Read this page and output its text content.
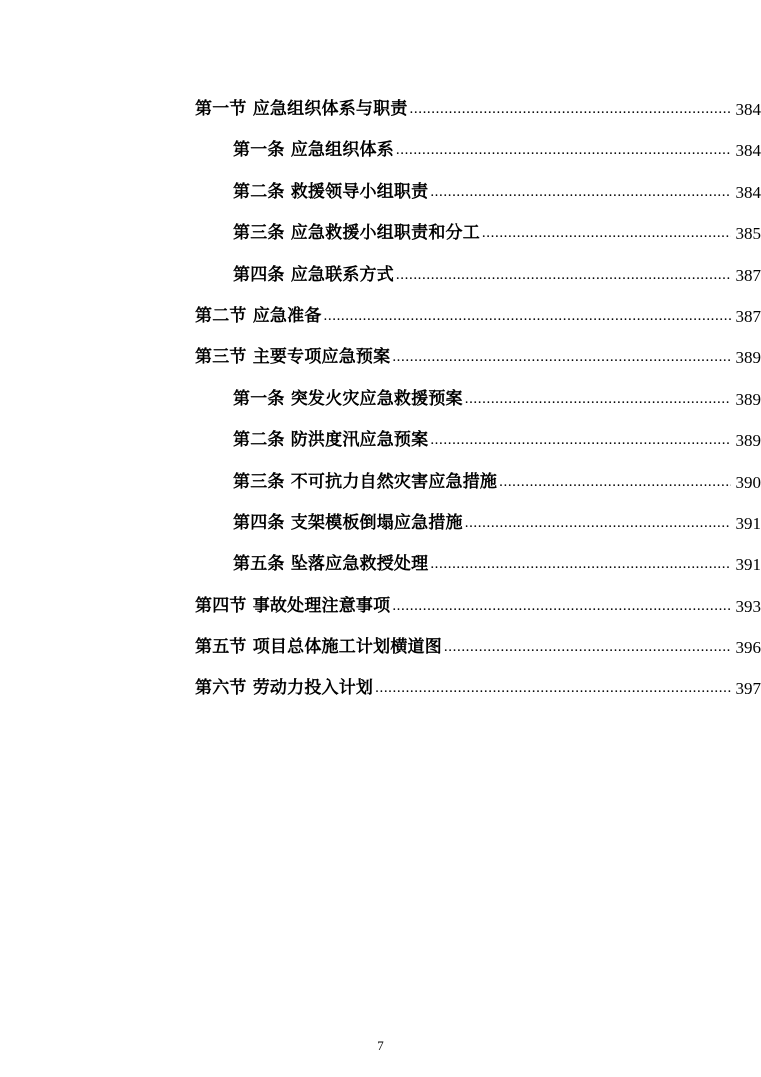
第一节 应急组织体系与职责 .....	384
第一条 应急组织体系 .....	384
第二条 救援领导小组职责 .....	384
第三条 应急救援小组职责和分工 .....	385
第四条 应急联系方式 .....	387
第二节 应急准备 .....	387
第三节 主要专项应急预案 .....	389
第一条 突发火灾应急救援预案 .....	389
第二条 防洪度汛应急预案 .....	389
第三条 不可抗力自然灾害应急措施 .....	390
第四条 支架模板倒塌应急措施 .....	391
第五条 坠落应急救授处理 .....	391
第四节 事故处理注意事项 .....	393
第五节 项目总体施工计划横道图 .....	396
第六节 劳动力投入计划 .....	397
7
